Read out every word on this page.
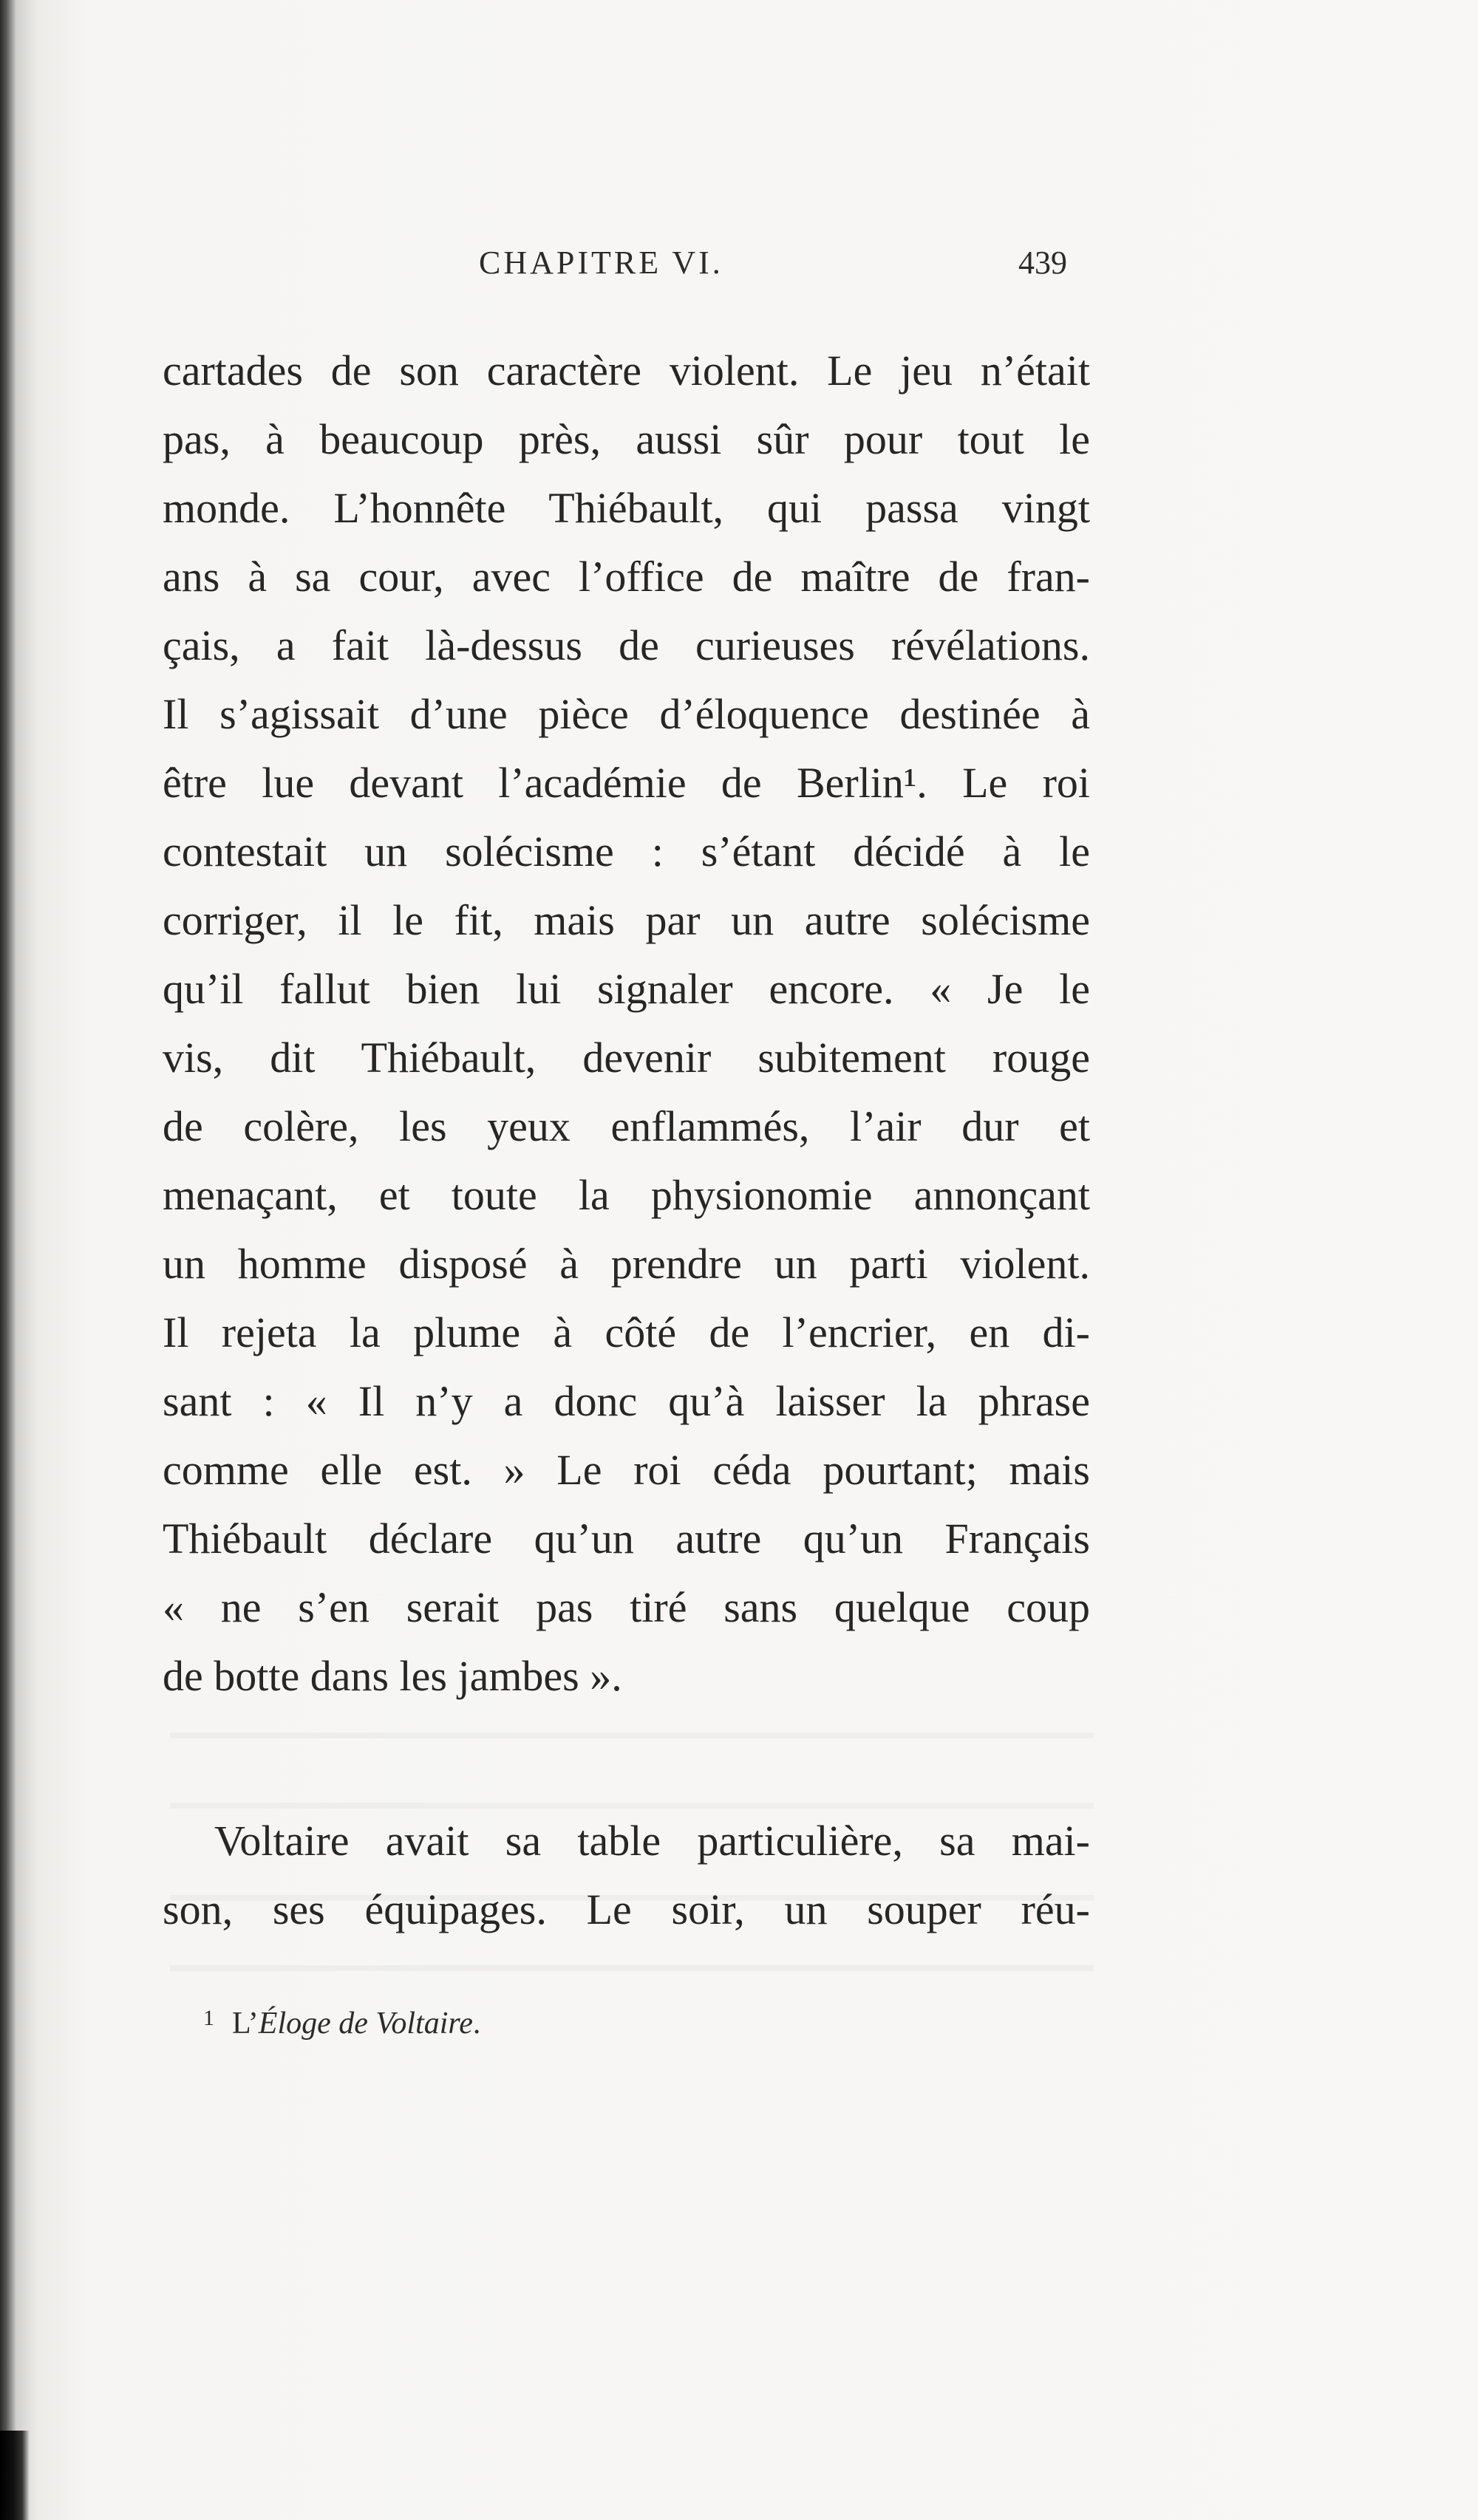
CHAPITRE VI.	439
cartades de son caractère violent. Le jeu n’était
pas, à beaucoup près, aussi sûr pour tout le
monde. L’honnête Thiébault, qui passa vingt
ans à sa cour, avec l’office de maître de fran-
çais, a fait là-dessus de curieuses révélations.
Il s’agissait d’une pièce d’éloquence destinée à
être lue devant l’académie de Berlin¹. Le roi
contestait un solécisme : s’étant décidé à le
corriger, il le fit, mais par un autre solécisme
qu’il fallut bien lui signaler encore. « Je le
vis, dit Thiébault, devenir subitement rouge
de colère, les yeux enflammés, l’air dur et
menaçant, et toute la physionomie annonçant
un homme disposé à prendre un parti violent.
Il rejeta la plume à côté de l’encrier, en di-
sant : « Il n’y a donc qu’à laisser la phrase
comme elle est. » Le roi céda pourtant; mais
Thiébault déclare qu’un autre qu’un Français
« ne s’en serait pas tiré sans quelque coup
de botte dans les jambes ».
Voltaire avait sa table particulière, sa mai-
son, ses équipages. Le soir, un souper réu-
$^1$ L’Éloge de Voltaire.
